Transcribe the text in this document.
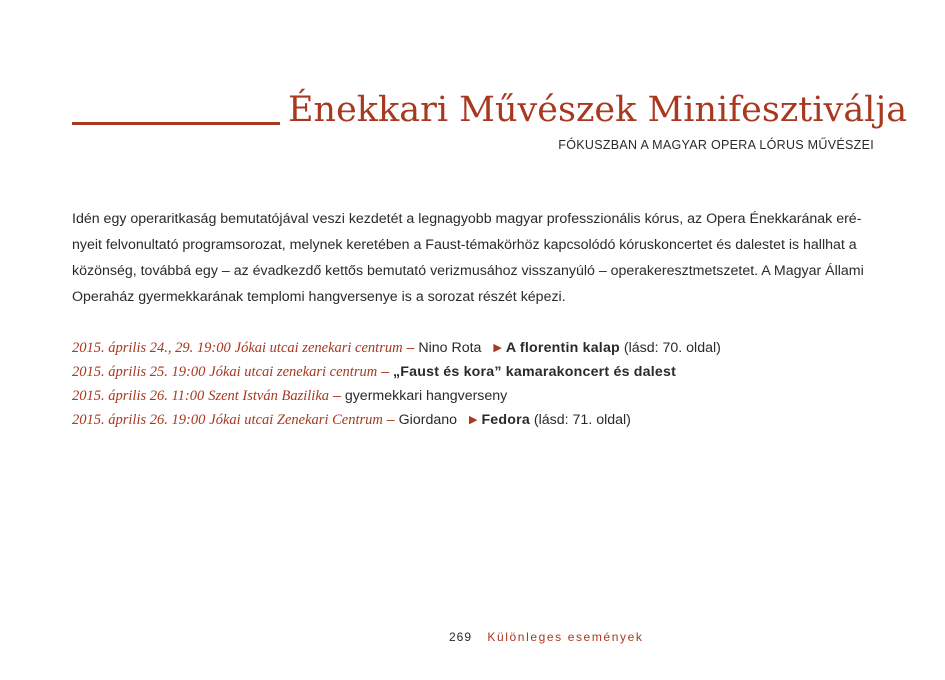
Énekkari Művészek Minifesztiválja
FÓKUSZBAN A MAGYAR OPERA LÓRUS MŰVÉSZEI

Idén egy operaritkaság bemutatójával veszi kezdetét a legnagyobb magyar professzionális kórus, az Opera Énekkarának eré-
nyeit felvonultató programsorozat, melynek keretében a Faust-témakörhöz kapcsolódó kóruskoncertet és dalestet is hallhat a
közönség, továbbá egy – az évadkezdő kettős bemutató verizmusához visszanyúló – operakeresztmetszetet. A Magyar Állami
Operaház gyermekkarának templomi hangversenye is a sorozat részét képezi.

2015. április 24., 29. 19:00 Jókai utcai zenekari centrum – Nino Rota ▶ A florentin kalap (lásd: 70. oldal)
2015. április 25. 19:00 Jókai utcai zenekari centrum – „Faust és kora” kamarakoncert és dalest
2015. április 26. 11:00 Szent István Bazilika – gyermekkari hangverseny
2015. április 26. 19:00 Jókai utcai Zenekari Centrum – Giordano ▶ Fedora (lásd: 71. oldal)
269 Különleges események
